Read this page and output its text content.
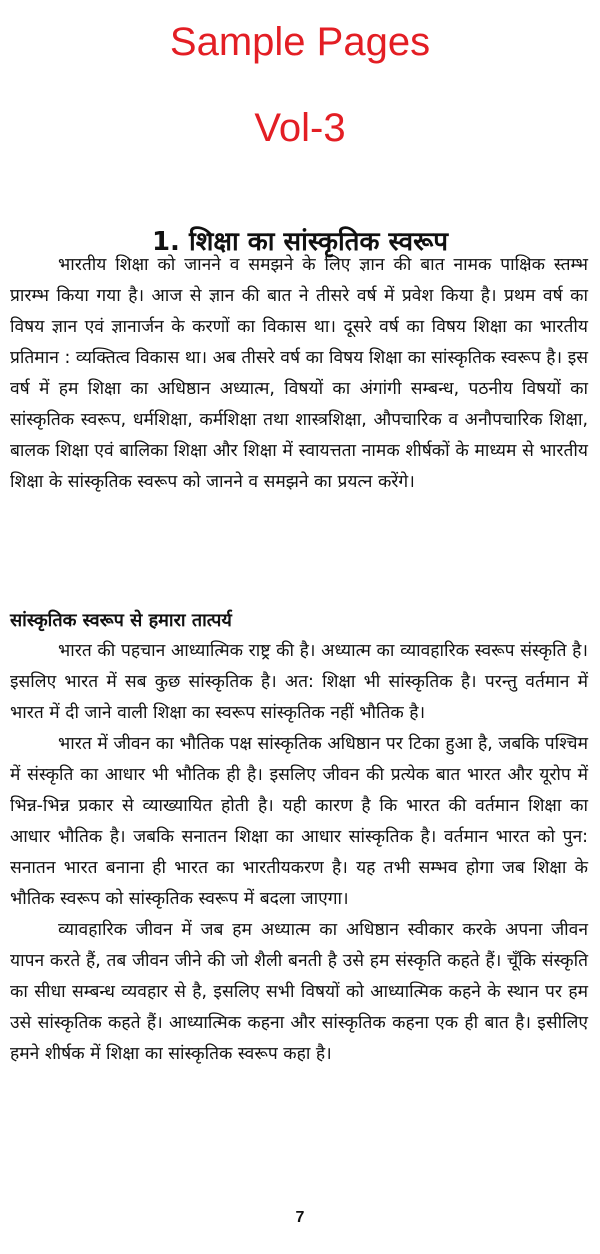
Sample Pages
Vol-3
1. शिक्षा का सांस्कृतिक स्वरूप

भारतीय शिक्षा को जानने व समझने के लिए ज्ञान की बात नामक पाक्षिक स्तम्भ प्रारम्भ किया गया है। आज से ज्ञान की बात ने तीसरे वर्ष में प्रवेश किया है। प्रथम वर्ष का विषय ज्ञान एवं ज्ञानार्जन के करणों का विकास था। दूसरे वर्ष का विषय शिक्षा का भारतीय प्रतिमान : व्यक्तित्व विकास था। अब तीसरे वर्ष का विषय शिक्षा का सांस्कृतिक स्वरूप है। इस वर्ष में हम शिक्षा का अधिष्ठान अध्यात्म, विषयों का अंगांगी सम्बन्ध, पठनीय विषयों का सांस्कृतिक स्वरूप, धर्मशिक्षा, कर्मशिक्षा तथा शास्त्रशिक्षा, औपचारिक व अनौपचारिक शिक्षा, बालक शिक्षा एवं बालिका शिक्षा और शिक्षा में स्वायत्तता नामक शीर्षकों के माध्यम से भारतीय शिक्षा के सांस्कृतिक स्वरूप को जानने व समझने का प्रयत्न करेंगे।

सांस्कृतिक स्वरूप से हमारा तात्पर्य

भारत की पहचान आध्यात्मिक राष्ट्र की है। अध्यात्म का व्यावहारिक स्वरूप संस्कृति है। इसलिए भारत में सब कुछ सांस्कृतिक है। अत: शिक्षा भी सांस्कृतिक है। परन्तु वर्तमान में भारत में दी जाने वाली शिक्षा का स्वरूप सांस्कृतिक नहीं भौतिक है।

भारत में जीवन का भौतिक पक्ष सांस्कृतिक अधिष्ठान पर टिका हुआ है, जबकि पश्चिम में संस्कृति का आधार भी भौतिक ही है। इसलिए जीवन की प्रत्येक बात भारत और यूरोप में भिन्न-भिन्न प्रकार से व्याख्यायित होती है। यही कारण है कि भारत की वर्तमान शिक्षा का आधार भौतिक है। जबकि सनातन शिक्षा का आधार सांस्कृतिक है। वर्तमान भारत को पुन: सनातन भारत बनाना ही भारत का भारतीयकरण है। यह तभी सम्भव होगा जब शिक्षा के भौतिक स्वरूप को सांस्कृतिक स्वरूप में बदला जाएगा।

व्यावहारिक जीवन में जब हम अध्यात्म का अधिष्ठान स्वीकार करके अपना जीवन यापन करते हैं, तब जीवन जीने की जो शैली बनती है उसे हम संस्कृति कहते हैं। चूँकि संस्कृति का सीधा सम्बन्ध व्यवहार से है, इसलिए सभी विषयों को आध्यात्मिक कहने के स्थान पर हम उसे सांस्कृतिक कहते हैं। आध्यात्मिक कहना और सांस्कृतिक कहना एक ही बात है। इसीलिए हमने शीर्षक में शिक्षा का सांस्कृतिक स्वरूप कहा है।

7
